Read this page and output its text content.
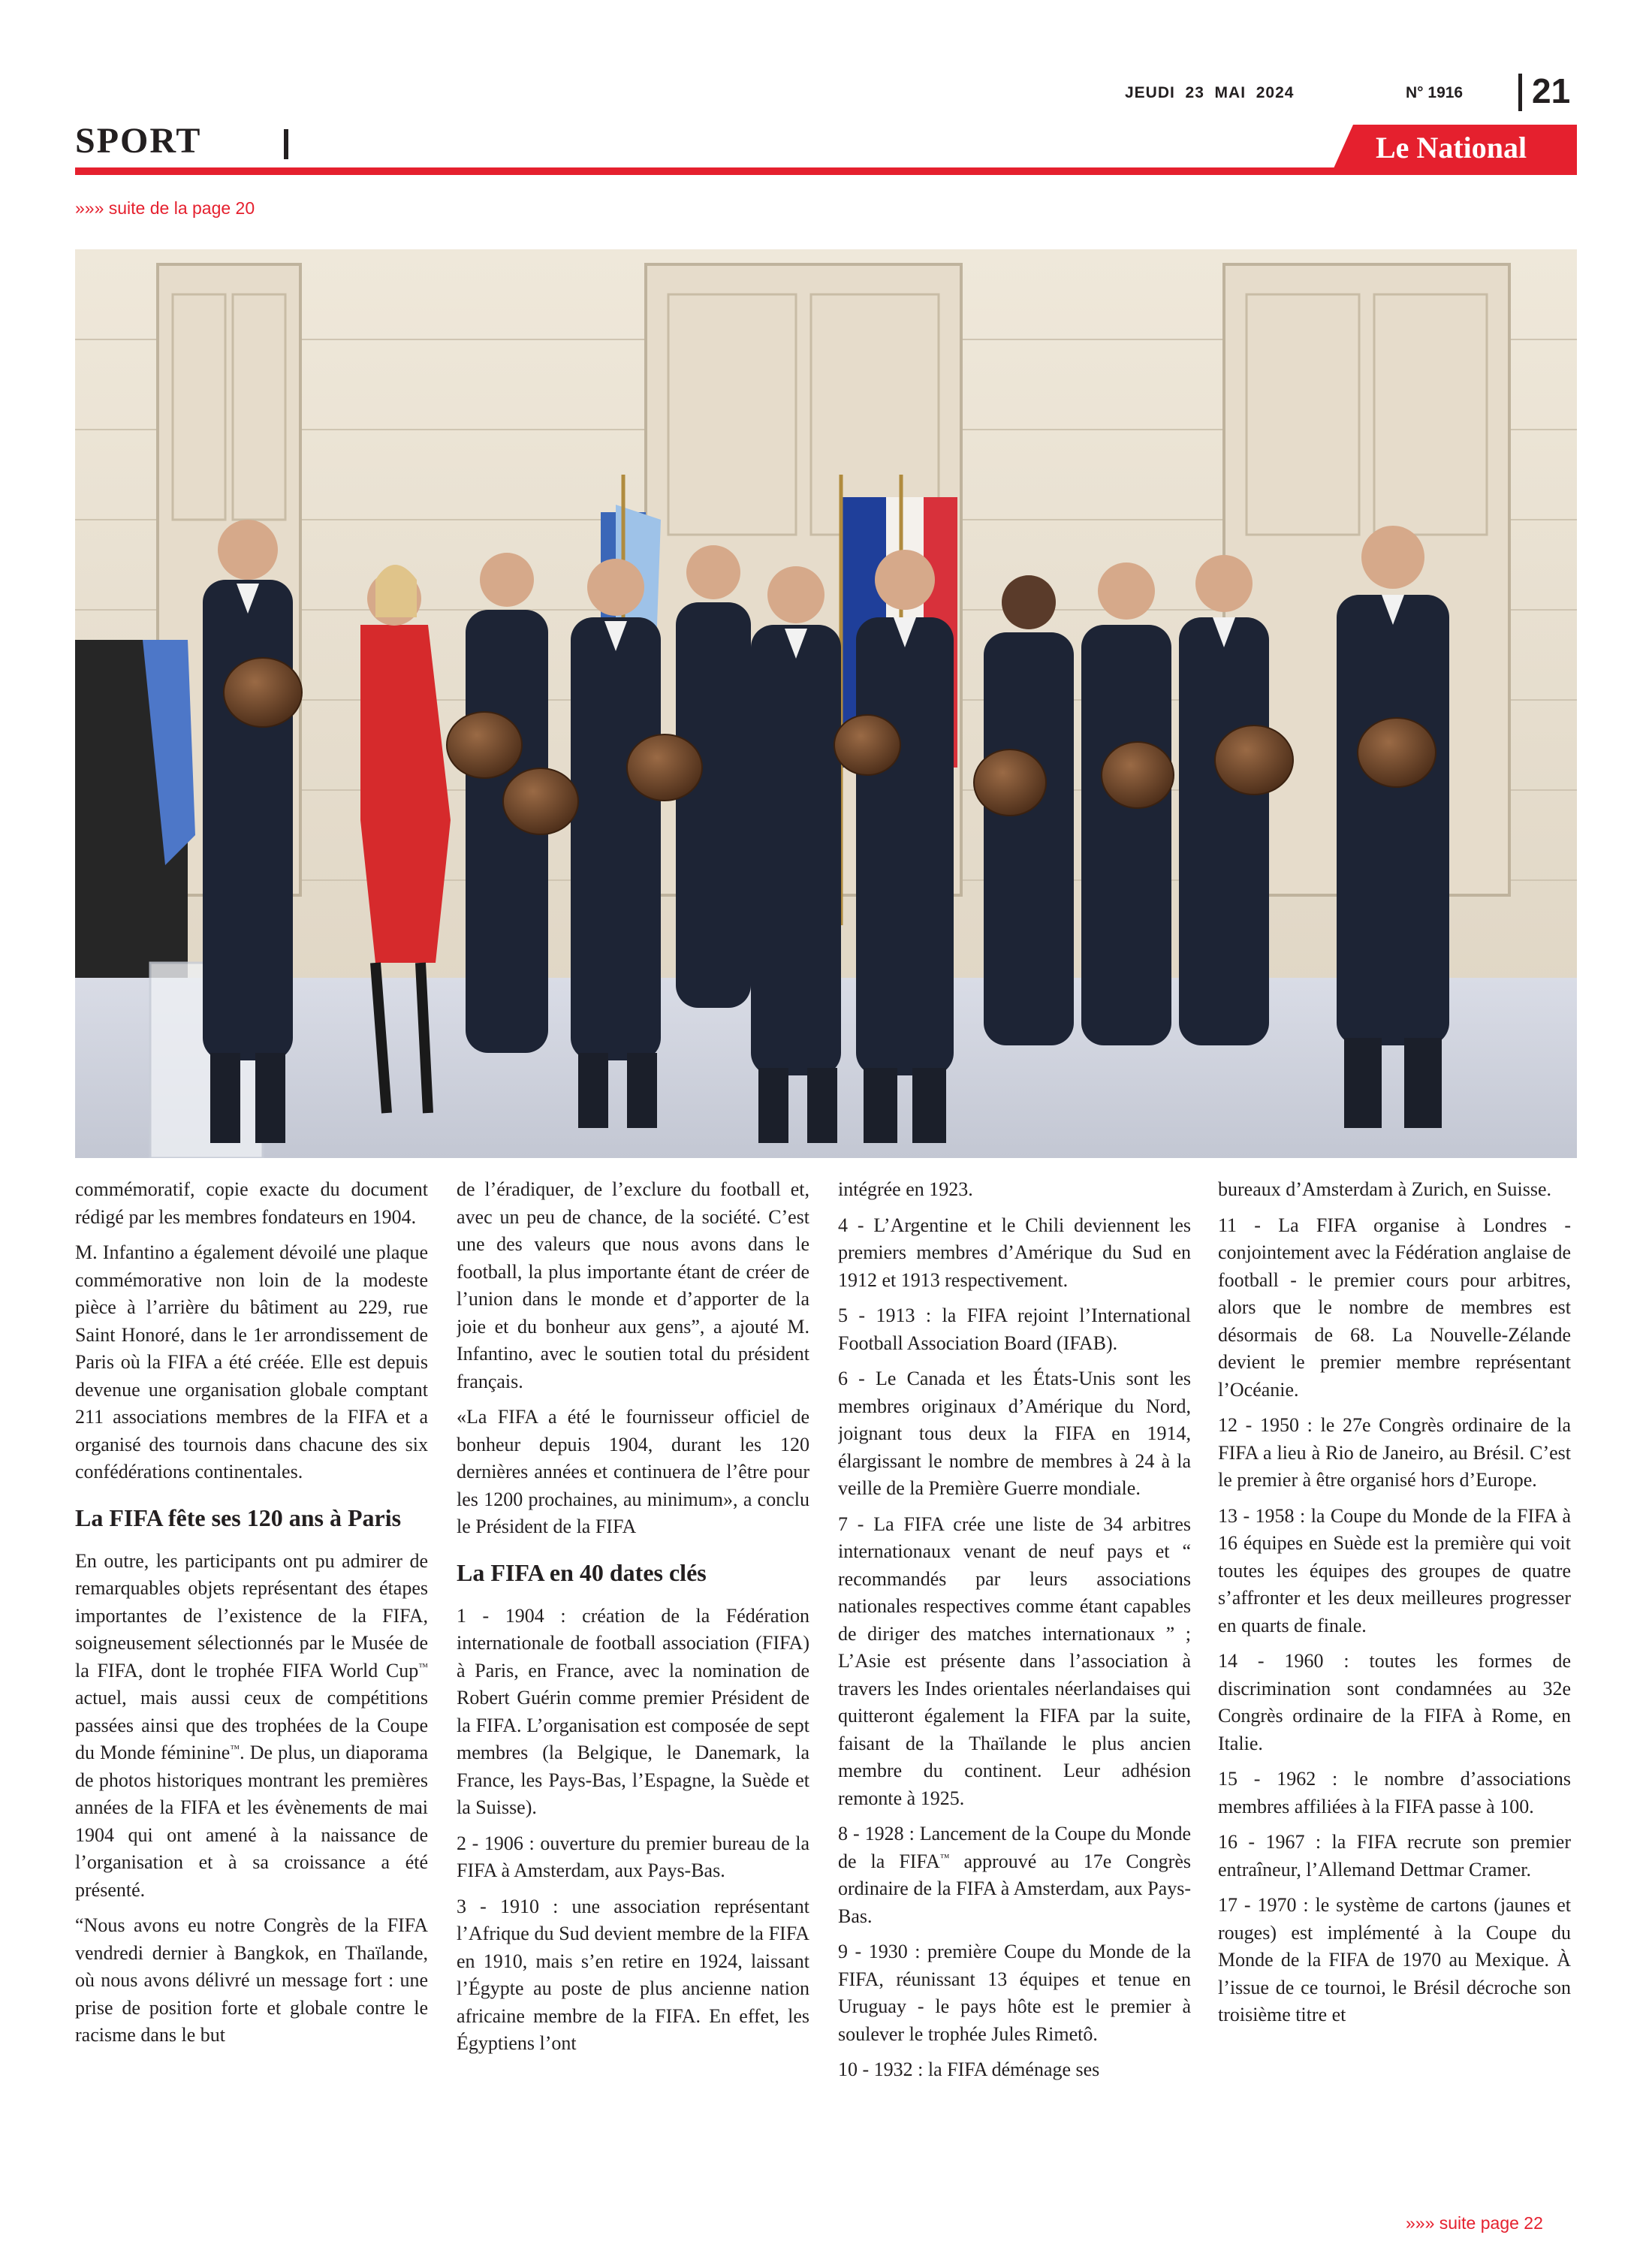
JEUDI  23  MAI  2024	N° 1916 21
SPORT	Le National
»»» suite de la page 20

commémoratif, copie exacte du document rédigé par les membres fondateurs en 1904.

M. Infantino a également dévoilé une plaque commémorative non loin de la modeste pièce à l’arrière du bâtiment au 229, rue Saint Honoré, dans le 1er arrondissement de Paris où la FIFA a été créée. Elle est depuis devenue une organisation globale comptant 211 associations membres de la FIFA et a organisé des tournois dans chacune des six confédérations continentales.

La FIFA fête ses 120 ans à Paris

En outre, les participants ont pu admirer de remarquables objets représentant des étapes importantes de l’existence de la FIFA, soigneusement sélectionnés par le Musée de la FIFA, dont le trophée FIFA World Cup™ actuel, mais aussi ceux de compétitions passées ainsi que des trophées de la Coupe du Monde féminine™. De plus, un diaporama de photos historiques montrant les premières années de la FIFA et les évènements de mai 1904 qui ont amené à la naissance de l’organisation et à sa croissance a été présenté.

“Nous avons eu notre Congrès de la FIFA vendredi dernier à Bangkok, en Thaïlande, où nous avons délivré un message fort : une prise de position forte et globale contre le racisme dans le but

de l’éradiquer, de l’exclure du football et, avec un peu de chance, de la société. C’est une des valeurs que nous avons dans le football, la plus importante étant de créer de l’union dans le monde et d’apporter de la joie et du bonheur aux gens”, a ajouté M. Infantino, avec le soutien total du président français.

«La FIFA a été le fournisseur officiel de bonheur depuis 1904, durant les 120 dernières années et continuera de l’être pour les 1200 prochaines, au minimum», a conclu le Président de la FIFA

La FIFA en 40 dates clés

1 - 1904 : création de la Fédération internationale de football association (FIFA) à Paris, en France, avec la nomination de Robert Guérin comme premier Président de la FIFA. L’organisation est composée de sept membres (la Belgique, le Danemark, la France, les Pays-Bas, l’Espagne, la Suède et la Suisse).

2 - 1906 : ouverture du premier bureau de la FIFA à Amsterdam, aux Pays-Bas.

3 - 1910 : une association représentant l’Afrique du Sud devient membre de la FIFA en 1910, mais s’en retire en 1924, laissant l’Égypte au poste de plus ancienne nation africaine membre de la FIFA. En effet, les Égyptiens l’ont

intégrée en 1923.

4 - L’Argentine et le Chili deviennent les premiers membres d’Amérique du Sud en 1912 et 1913 respectivement.

5 - 1913 : la FIFA rejoint l’International Football Association Board (IFAB).

6 - Le Canada et les États-Unis sont les membres originaux d’Amérique du Nord, joignant tous deux la FIFA en 1914, élargissant le nombre de membres à 24 à la veille de la Première Guerre mondiale.

7 - La FIFA crée une liste de 34 arbitres internationaux venant de neuf pays et “ recommandés par leurs associations nationales respectives comme étant capables de diriger des matches internationaux ” ; L’Asie est présente dans l’association à travers les Indes orientales néerlandaises qui quitteront également la FIFA par la suite, faisant de la Thaïlande le plus ancien membre du continent. Leur adhésion remonte à 1925.

8 - 1928 : Lancement de la Coupe du Monde de la FIFA™ approuvé au 17e Congrès ordinaire de la FIFA à Amsterdam, aux Pays-Bas.

9 - 1930 : première Coupe du Monde de la FIFA, réunissant 13 équipes et tenue en Uruguay - le pays hôte est le premier à soulever le trophée Jules Rimetô.

10 - 1932 : la FIFA déménage ses

bureaux d’Amsterdam à Zurich, en Suisse.

11 - La FIFA organise à Londres - conjointement avec la Fédération anglaise de football - le premier cours pour arbitres, alors que le nombre de membres est désormais de 68. La Nouvelle-Zélande devient le premier membre représentant l’Océanie.

12 - 1950 : le 27e Congrès ordinaire de la FIFA a lieu à Rio de Janeiro, au Brésil. C’est le premier à être organisé hors d’Europe.

13 - 1958 : la Coupe du Monde de la FIFA à 16 équipes en Suède est la première qui voit toutes les équipes des groupes de quatre s’affronter et les deux meilleures progresser en quarts de finale.

14 - 1960 : toutes les formes de discrimination sont condamnées au 32e Congrès ordinaire de la FIFA à Rome, en Italie.

15 - 1962 : le nombre d’associations membres affiliées à la FIFA passe à 100.

16 - 1967 : la FIFA recrute son premier entraîneur, l’Allemand Dettmar Cramer.

17 - 1970 : le système de cartons (jaunes et rouges) est implémenté à la Coupe du Monde de la FIFA de 1970 au Mexique. À l’issue de ce tournoi, le Brésil décroche son troisième titre et

»»» suite page 22
